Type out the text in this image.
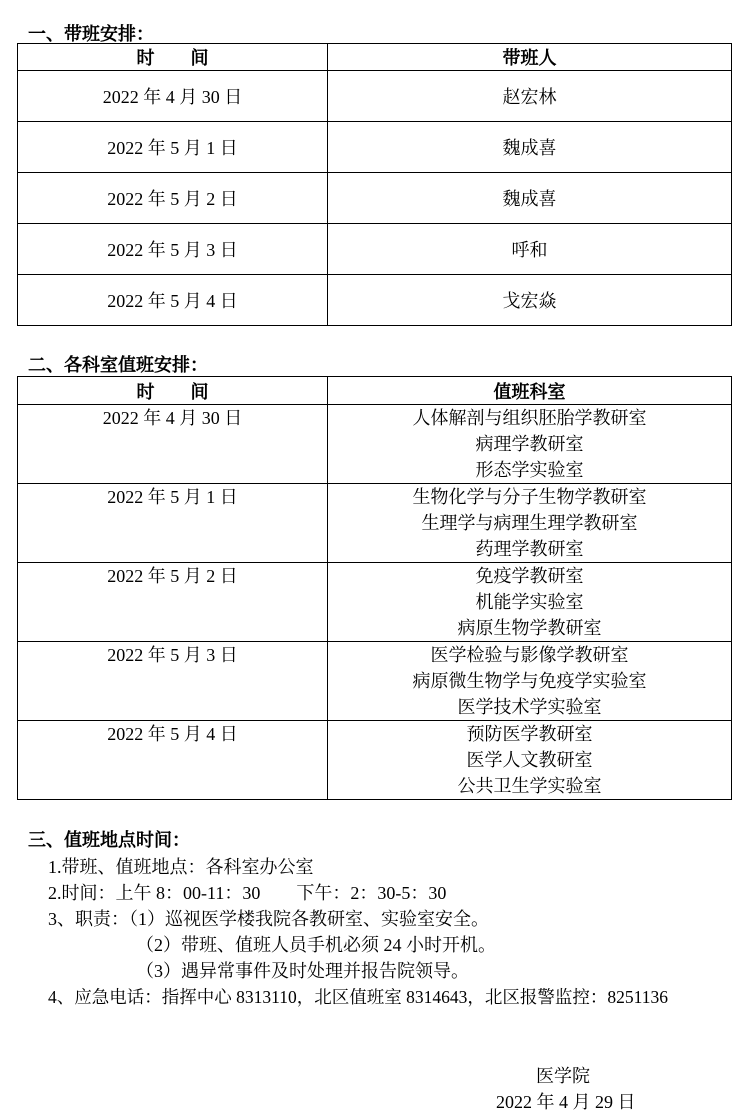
一、带班安排：
时　　间	带班人
2022 年 4 月 30 日	赵宏林
2022 年 5 月 1 日	魏成喜
2022 年 5 月 2 日	魏成喜
2022 年 5 月 3 日	呼和
2022 年 5 月 4 日	戈宏焱
二、各科室值班安排：
时　　间	值班科室

2022 年 4 月 30 日	人体解剖与组织胚胎学教研室
病理学教研室
形态学实验室

2022 年 5 月 1 日	生物化学与分子生物学教研室
生理学与病理生理学教研室
药理学教研室

2022 年 5 月 2 日	免疫学教研室
机能学实验室
病原生物学教研室

2022 年 5 月 3 日	医学检验与影像学教研室
病原微生物学与免疫学实验室
医学技术学实验室

2022 年 5 月 4 日	预防医学教研室
医学人文教研室
公共卫生学实验室
三、值班地点时间：
1.带班、值班地点：各科室办公室
2.时间：上午 8：00-11：30　　下午：2：30-5：30
3、职责：（1）巡视医学楼我院各教研室、实验室安全。
（2）带班、值班人员手机必须 24 小时开机。
（3）遇异常事件及时处理并报告院领导。
4、应急电话：指挥中心 8313110，北区值班室 8314643，北区报警监控：8251136
医学院
2022 年 4 月 29 日
